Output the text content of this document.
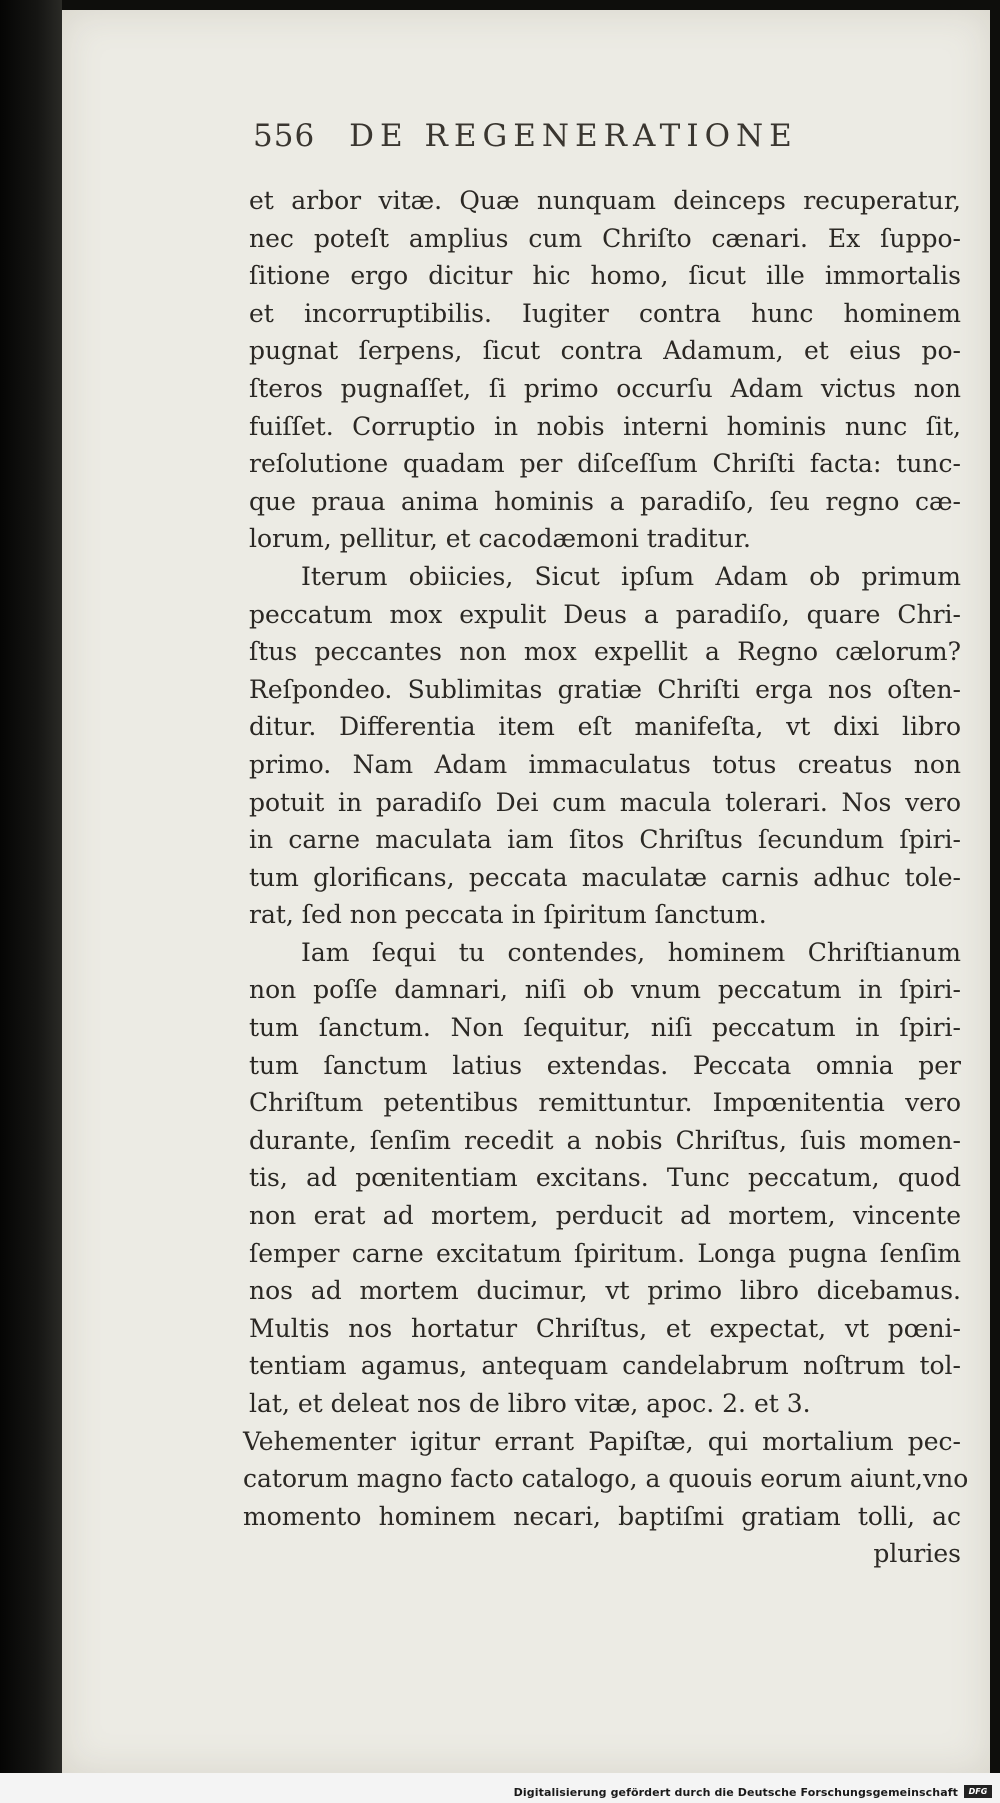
556 DE REGENERATIONE
et arbor vitæ. Quæ nunquam deinceps recuperatur,
nec poteſt amplius cum Chriſto cænari. Ex ſuppo-
ſitione ergo dicitur hic homo, ſicut ille immortalis
et incorruptibilis. Iugiter contra hunc hominem
pugnat ſerpens, ſicut contra Adamum, et eius po-
ſteros pugnaſſet, ſi primo occurſu Adam victus non
fuiſſet. Corruptio in nobis interni hominis nunc ſit,
reſolutione quadam per diſceſſum Chriſti facta: tunc-
que praua anima hominis a paradiſo, ſeu regno cæ-
lorum, pellitur, et cacodæmoni traditur.
Iterum obiicies, Sicut ipſum Adam ob primum
peccatum mox expulit Deus a paradiſo, quare Chri-
ſtus peccantes non mox expellit a Regno cælorum?
Reſpondeo. Sublimitas gratiæ Chriſti erga nos oſten-
ditur. Differentia item eſt manifeſta, vt dixi libro
primo. Nam Adam immaculatus totus creatus non
potuit in paradiſo Dei cum macula tolerari. Nos vero
in carne maculata iam ſitos Chriſtus ſecundum ſpiri-
tum glorificans, peccata maculatæ carnis adhuc tole-
rat, ſed non peccata in ſpiritum ſanctum.
Iam ſequi tu contendes, hominem Chriſtianum
non poſſe damnari, niſi ob vnum peccatum in ſpiri-
tum ſanctum. Non ſequitur, niſi peccatum in ſpiri-
tum ſanctum latius extendas. Peccata omnia per
Chriſtum petentibus remittuntur. Impœnitentia vero
durante, ſenſim recedit a nobis Chriſtus, ſuis momen-
tis, ad pœnitentiam excitans. Tunc peccatum, quod
non erat ad mortem, perducit ad mortem, vincente
ſemper carne excitatum ſpiritum. Longa pugna ſenſim
nos ad mortem ducimur, vt primo libro dicebamus.
Multis nos hortatur Chriſtus, et expectat, vt pœni-
tentiam agamus, antequam candelabrum noſtrum tol-
lat, et deleat nos de libro vitæ, apoc. 2. et 3.
Vehementer igitur errant Papiſtæ, qui mortalium pec-
catorum magno facto catalogo, a quouis eorum aiunt,vno
momento hominem necari, baptiſmi gratiam tolli, ac
pluries
Digitalisierung gefördert durch die Deutsche Forschungsgemeinschaft	DFG
